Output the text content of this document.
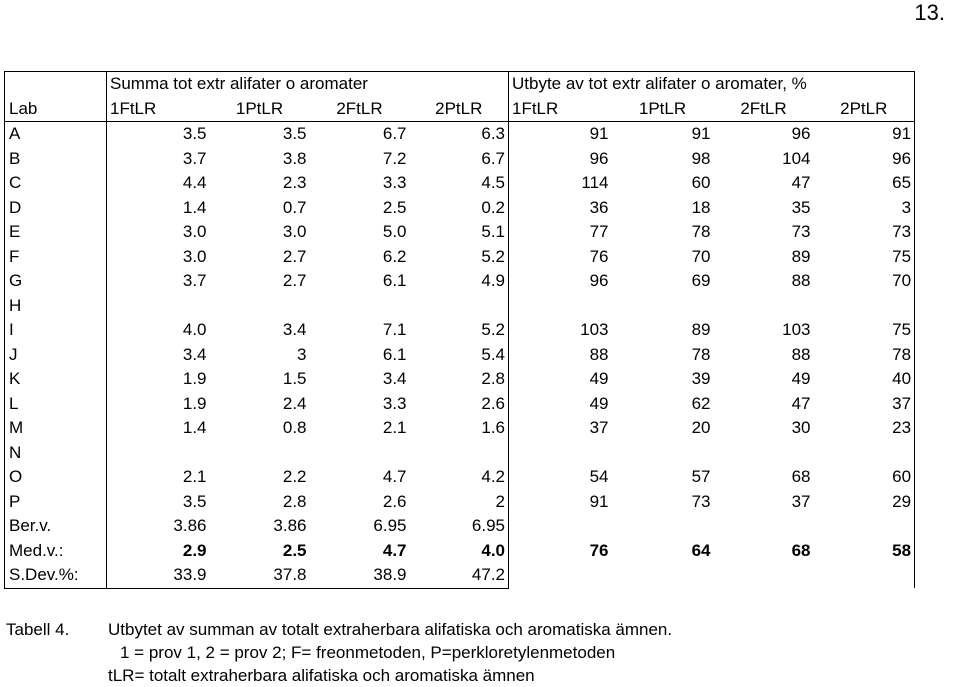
13.
	Summa tot extr alifater o aromater				Utbyte av tot extr alifater o aromater, %			
Lab	1FtLR	1PtLR	2FtLR	2PtLR	1FtLR	1PtLR	2FtLR	2PtLR
A	3.5	3.5	6.7	6.3	91	91	96	91
B	3.7	3.8	7.2	6.7	96	98	104	96
C	4.4	2.3	3.3	4.5	114	60	47	65
D	1.4	0.7	2.5	0.2	36	18	35	3
E	3.0	3.0	5.0	5.1	77	78	73	73
F	3.0	2.7	6.2	5.2	76	70	89	75
G	3.7	2.7	6.1	4.9	96	69	88	70
H								
I	4.0	3.4	7.1	5.2	103	89	103	75
J	3.4	3	6.1	5.4	88	78	88	78
K	1.9	1.5	3.4	2.8	49	39	49	40
L	1.9	2.4	3.3	2.6	49	62	47	37
M	1.4	0.8	2.1	1.6	37	20	30	23
N								
O	2.1	2.2	4.7	4.2	54	57	68	60
P	3.5	2.8	2.6	2	91	73	37	29
Ber.v.	3.86	3.86	6.95	6.95				
Med.v.:	2.9	2.5	4.7	4.0	76	64	68	58
S.Dev.%:	33.9	37.8	38.9	47.2				
Tabell 4.	Utbytet av summan av totalt extraherbara alifatiska och aromatiska ämnen.
1 = prov 1, 2 = prov 2; F= freonmetoden, P=perkloretylenmetoden
tLR= totalt extraherbara alifatiska och aromatiska ämnen
